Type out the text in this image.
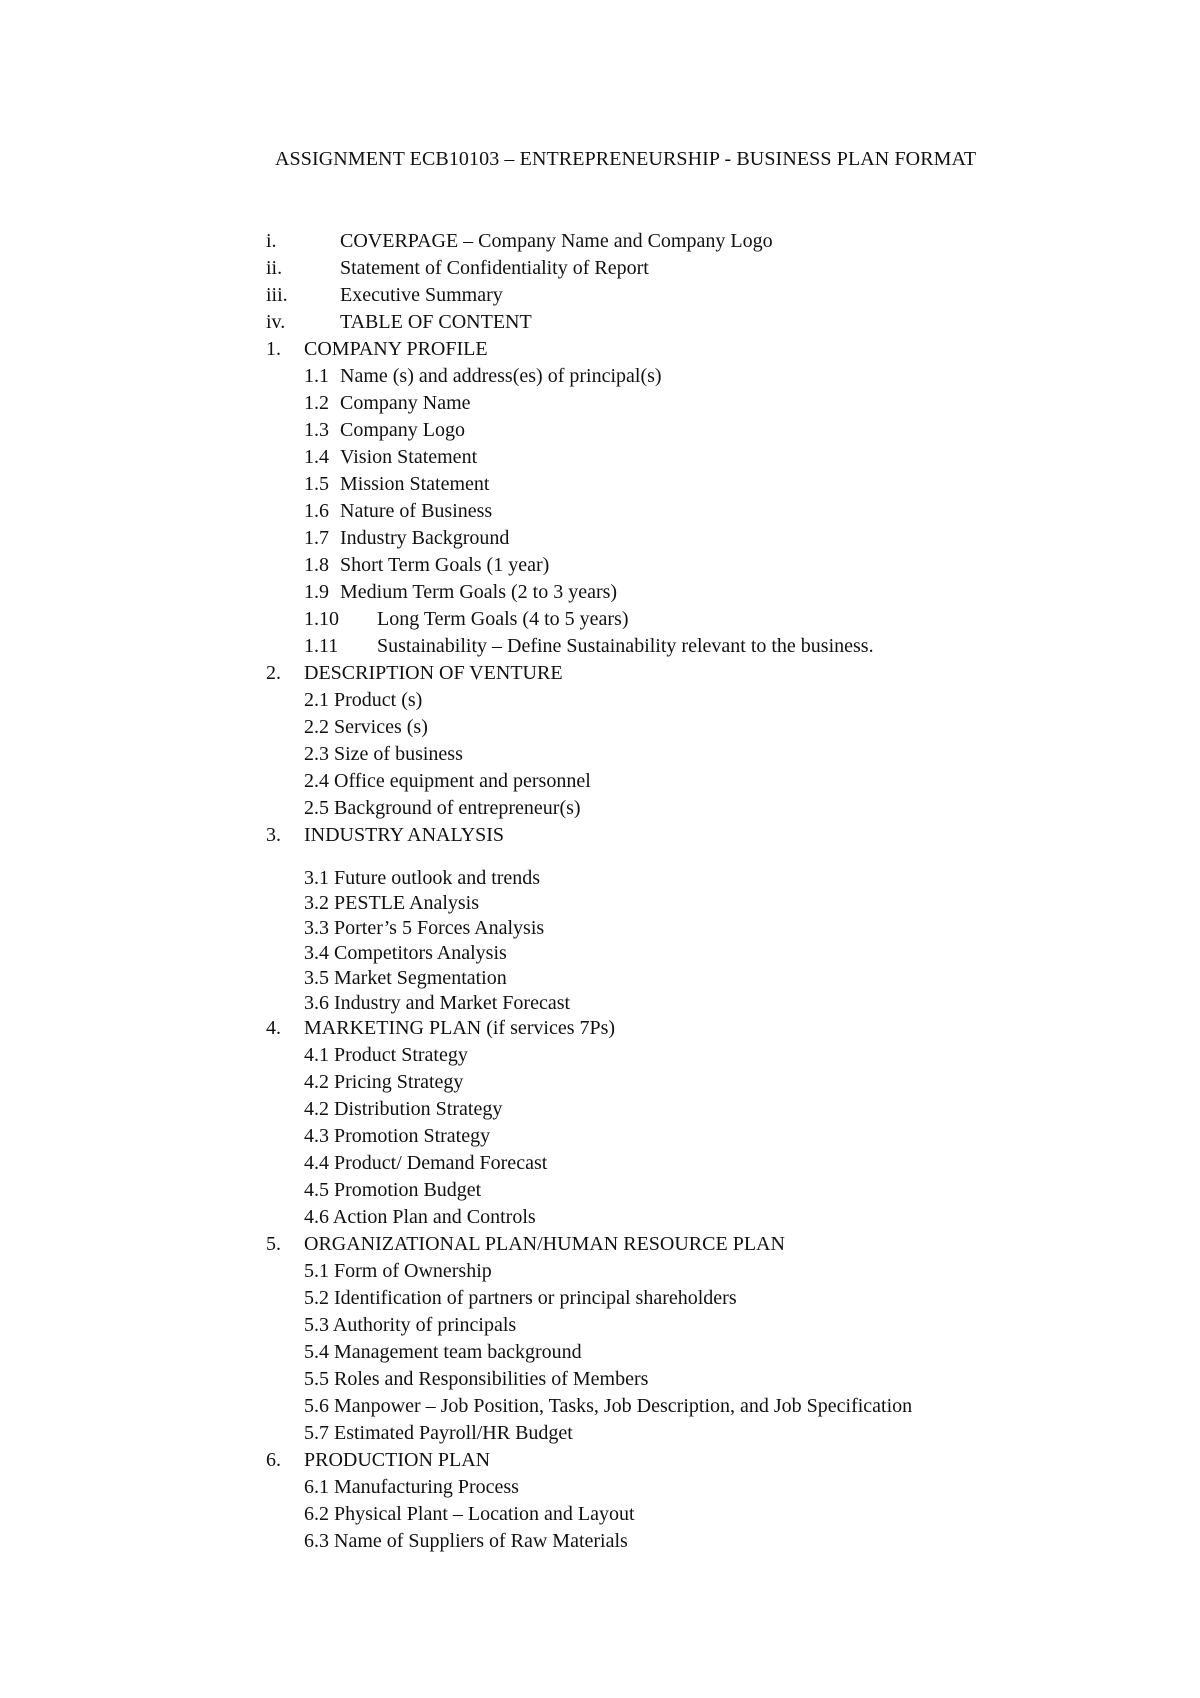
ASSIGNMENT ECB10103 – ENTREPRENEURSHIP - BUSINESS PLAN FORMAT
i.	COVERPAGE – Company Name and Company Logo
ii.	Statement of Confidentiality of Report
iii.	Executive Summary
iv.	TABLE OF CONTENT
1. COMPANY PROFILE
1.1 Name (s) and address(es) of principal(s)
1.2 Company Name
1.3 Company Logo
1.4 Vision Statement
1.5 Mission Statement
1.6 Nature of Business
1.7 Industry Background
1.8 Short Term Goals (1 year)
1.9 Medium Term Goals (2 to 3 years)
1.10 Long Term Goals (4 to 5 years)
1.11 Sustainability – Define Sustainability relevant to the business.
2. DESCRIPTION OF VENTURE
2.1 Product (s)
2.2 Services (s)
2.3 Size of business
2.4 Office equipment and personnel
2.5 Background of entrepreneur(s)
3. INDUSTRY ANALYSIS
3.1 Future outlook and trends
3.2 PESTLE Analysis
3.3 Porter’s 5 Forces Analysis
3.4 Competitors Analysis
3.5 Market Segmentation
3.6 Industry and Market Forecast
4. MARKETING PLAN (if services 7Ps)
4.1 Product Strategy
4.2 Pricing Strategy
4.2 Distribution Strategy
4.3 Promotion Strategy
4.4 Product/ Demand Forecast
4.5 Promotion Budget
4.6 Action Plan and Controls
5. ORGANIZATIONAL PLAN/HUMAN RESOURCE PLAN
5.1 Form of Ownership
5.2 Identification of partners or principal shareholders
5.3 Authority of principals
5.4 Management team background
5.5 Roles and Responsibilities of Members
5.6 Manpower – Job Position, Tasks, Job Description, and Job Specification
5.7 Estimated Payroll/HR Budget
6. PRODUCTION PLAN
6.1 Manufacturing Process
6.2 Physical Plant – Location and Layout
6.3 Name of Suppliers of Raw Materials
